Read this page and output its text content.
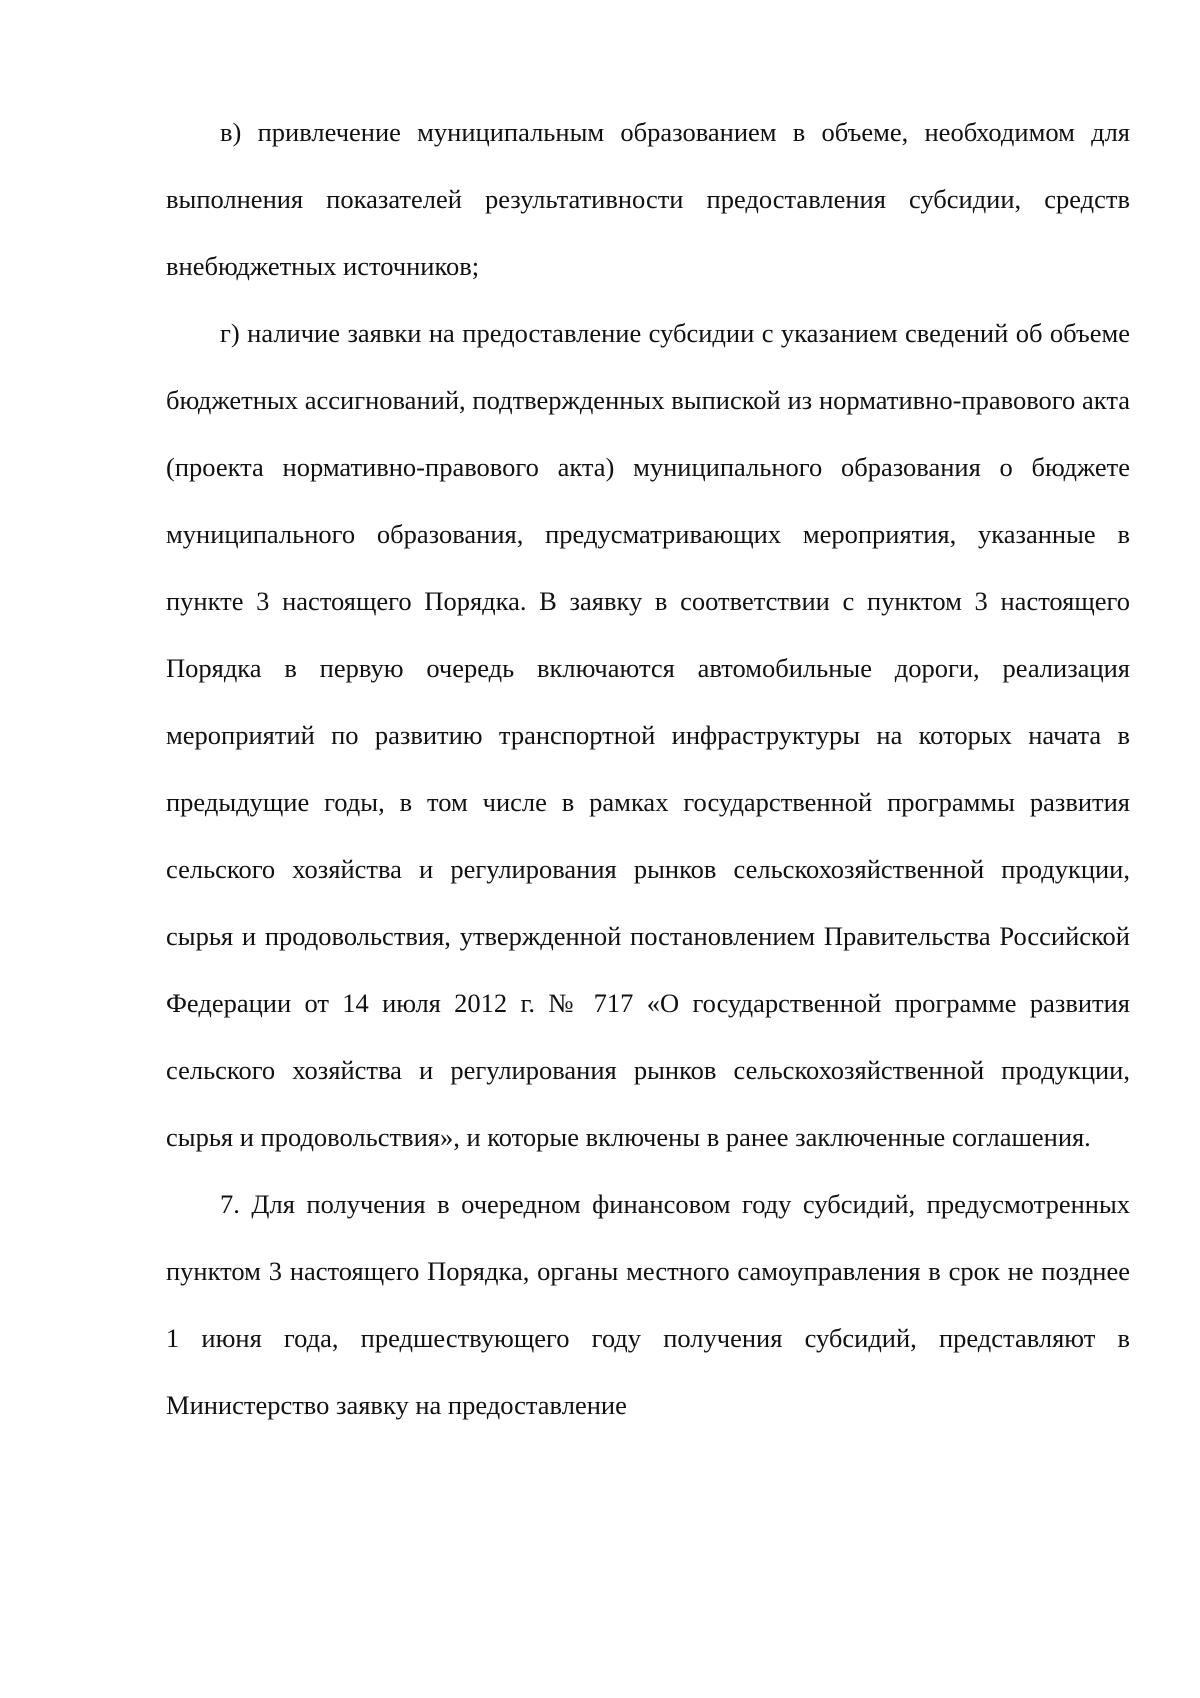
в) привлечение муниципальным образованием в объеме, необходимом для выполнения показателей результативности предоставления субсидии, средств внебюджетных источников;

г) наличие заявки на предоставление субсидии с указанием сведений об объеме бюджетных ассигнований, подтвержденных выпиской из нормативно-правового акта (проекта нормативно-правового акта) муниципального образования о бюджете муниципального образования, предусматривающих мероприятия, указанные в пункте 3 настоящего Порядка. В заявку в соответствии с пунктом 3 настоящего Порядка в первую очередь включаются автомобильные дороги, реализация мероприятий по развитию транспортной инфраструктуры на которых начата в предыдущие годы, в том числе в рамках государственной программы развития сельского хозяйства и регулирования рынков сельскохозяйственной продукции, сырья и продовольствия, утвержденной постановлением Правительства Российской Федерации от 14 июля 2012 г. № 717 «О государственной программе развития сельского хозяйства и регулирования рынков сельскохозяйственной продукции, сырья и продовольствия», и которые включены в ранее заключенные соглашения.

7. Для получения в очередном финансовом году субсидий, предусмотренных пунктом 3 настоящего Порядка, органы местного самоуправления в срок не позднее 1 июня года, предшествующего году получения субсидий, представляют в Министерство заявку на предоставление
